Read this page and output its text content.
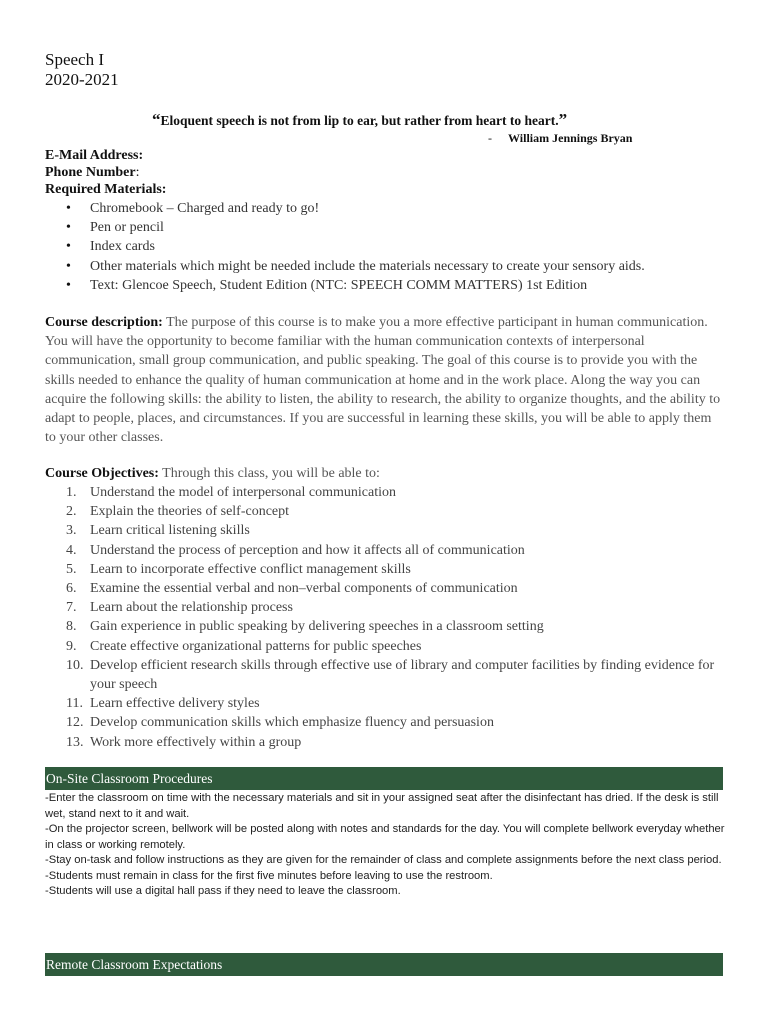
Speech I
2020-2021
“Eloquent speech is not from lip to ear, but rather from heart to heart.”
- William Jennings Bryan
E-Mail Address:
Phone Number:
Required Materials:
• Chromebook – Charged and ready to go!
• Pen or pencil
• Index cards
• Other materials which might be needed include the materials necessary to create your sensory aids.
• Text: Glencoe Speech, Student Edition (NTC: SPEECH COMM MATTERS) 1st Edition
Course description: The purpose of this course is to make you a more effective participant in human communication. You will have the opportunity to become familiar with the human communication contexts of interpersonal communication, small group communication, and public speaking. The goal of this course is to provide you with the skills needed to enhance the quality of human communication at home and in the work place. Along the way you can acquire the following skills: the ability to listen, the ability to research, the ability to organize thoughts, and the ability to adapt to people, places, and circumstances. If you are successful in learning these skills, you will be able to apply them to your other classes.
Course Objectives: Through this class, you will be able to:
1. Understand the model of interpersonal communication
2. Explain the theories of self-concept
3. Learn critical listening skills
4. Understand the process of perception and how it affects all of communication
5. Learn to incorporate effective conflict management skills
6. Examine the essential verbal and non–verbal components of communication
7. Learn about the relationship process
8. Gain experience in public speaking by delivering speeches in a classroom setting
9. Create effective organizational patterns for public speeches
10. Develop efficient research skills through effective use of library and computer facilities by finding evidence for your speech
11. Learn effective delivery styles
12. Develop communication skills which emphasize fluency and persuasion
13. Work more effectively within a group
On-Site Classroom Procedures

-Enter the classroom on time with the necessary materials and sit in your assigned seat after the disinfectant has dried. If the desk is still wet, stand next to it and wait.

-On the projector screen, bellwork will be posted along with notes and standards for the day. You will complete bellwork everyday whether in class or working remotely.

-Stay on-task and follow instructions as they are given for the remainder of class and complete assignments before the next class period.

-Students must remain in class for the first five minutes before leaving to use the restroom.

-Students will use a digital hall pass if they need to leave the classroom.

Remote Classroom Expectations
